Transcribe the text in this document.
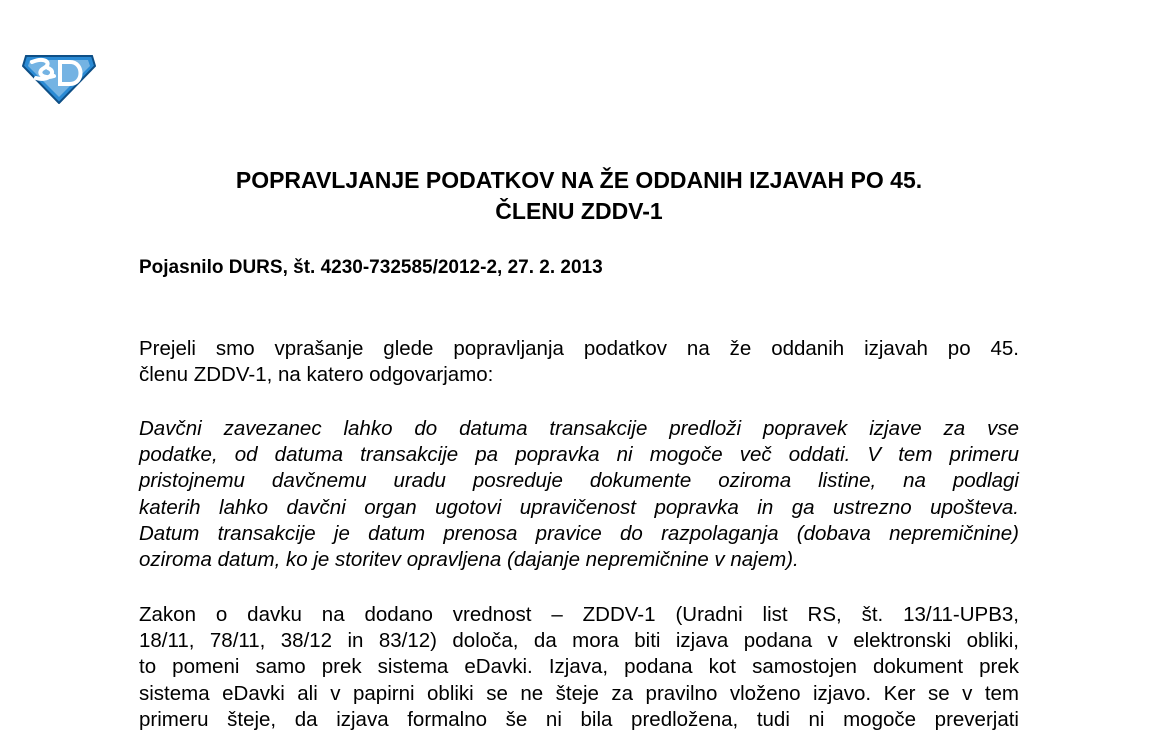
POPRAVLJANJE PODATKOV NA ŽE ODDANIH IZJAVAH PO 45.
ČLENU ZDDV-1
Pojasnilo DURS, št. 4230-732585/2012-2, 27. 2. 2013
Prejeli smo vprašanje glede popravljanja podatkov na že oddanih izjavah po 45.
členu ZDDV-1, na katero odgovarjamo:
Davčni zavezanec lahko do datuma transakcije predloži popravek izjave za vse
podatke, od datuma transakcije pa popravka ni mogoče več oddati. V tem primeru
pristojnemu davčnemu uradu posreduje dokumente oziroma listine, na podlagi
katerih lahko davčni organ ugotovi upravičenost popravka in ga ustrezno upošteva.
Datum transakcije je datum prenosa pravice do razpolaganja (dobava nepremičnine)
oziroma datum, ko je storitev opravljena (dajanje nepremičnine v najem).
Zakon o davku na dodano vrednost – ZDDV-1 (Uradni list RS, št. 13/11-UPB3,
18/11, 78/11, 38/12 in 83/12) določa, da mora biti izjava podana v elektronski obliki,
to pomeni samo prek sistema eDavki. Izjava, podana kot samostojen dokument prek
sistema eDavki ali v papirni obliki se ne šteje za pravilno vloženo izjavo. Ker se v tem
primeru šteje, da izjava formalno še ni bila predložena, tudi ni mogoče preverjati
